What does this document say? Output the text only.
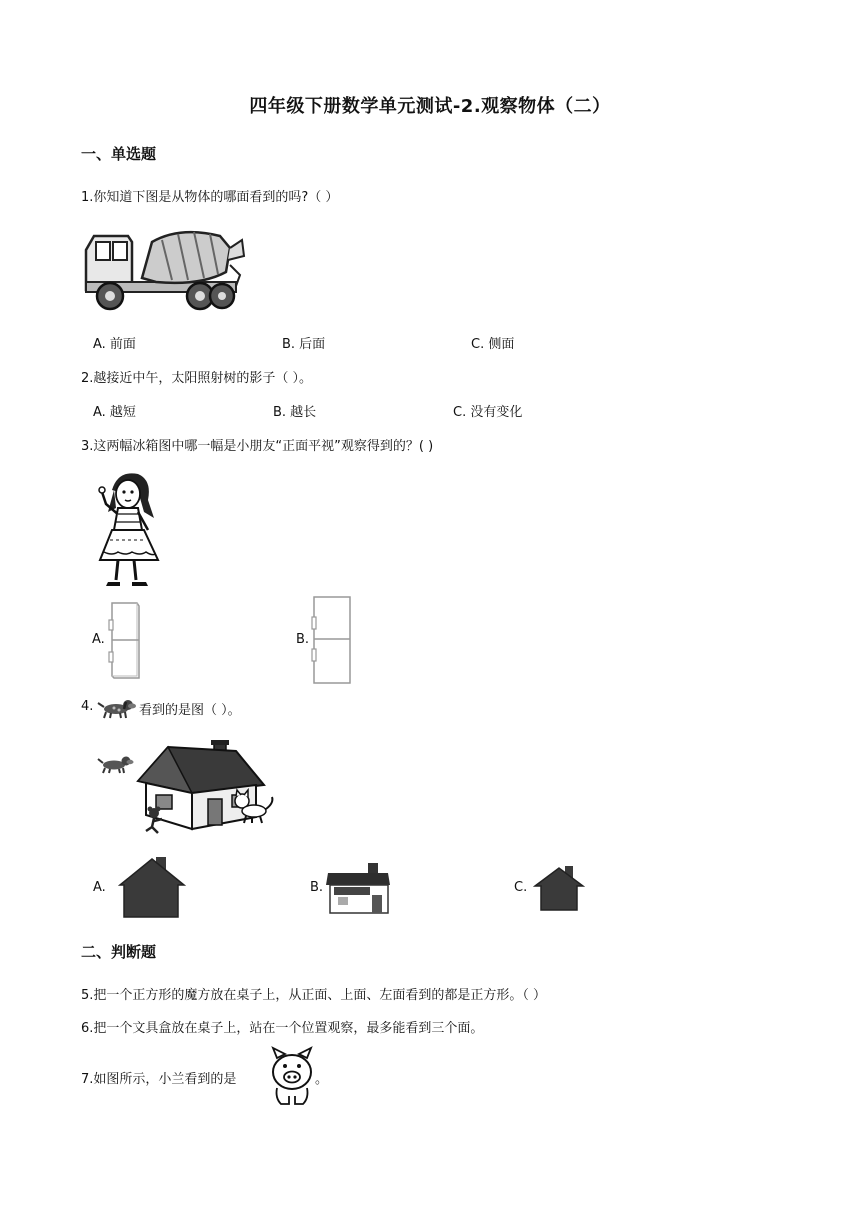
四年级下册数学单元测试-2.观察物体（二）
一、单选题
1.你知道下图是从物体的哪面看到的吗?（ ）
A. 前面	B. 后面	C. 侧面
2.越接近中午，太阳照射树的影子（ ）。
A. 越短	B. 越长	C. 没有变化
3.这两幅冰箱图中哪一幅是小朋友“正面平视”观察得到的？( )
A.	B.
4.	看到的是图（ ）。
A.	B.	C.
二、判断题
5.把一个正方形的魔方放在桌子上，从正面、上面、左面看到的都是正方形。（ ）
6.把一个文具盒放在桌子上，站在一个位置观察，最多能看到三个面。
7.如图所示，小兰看到的是	。
